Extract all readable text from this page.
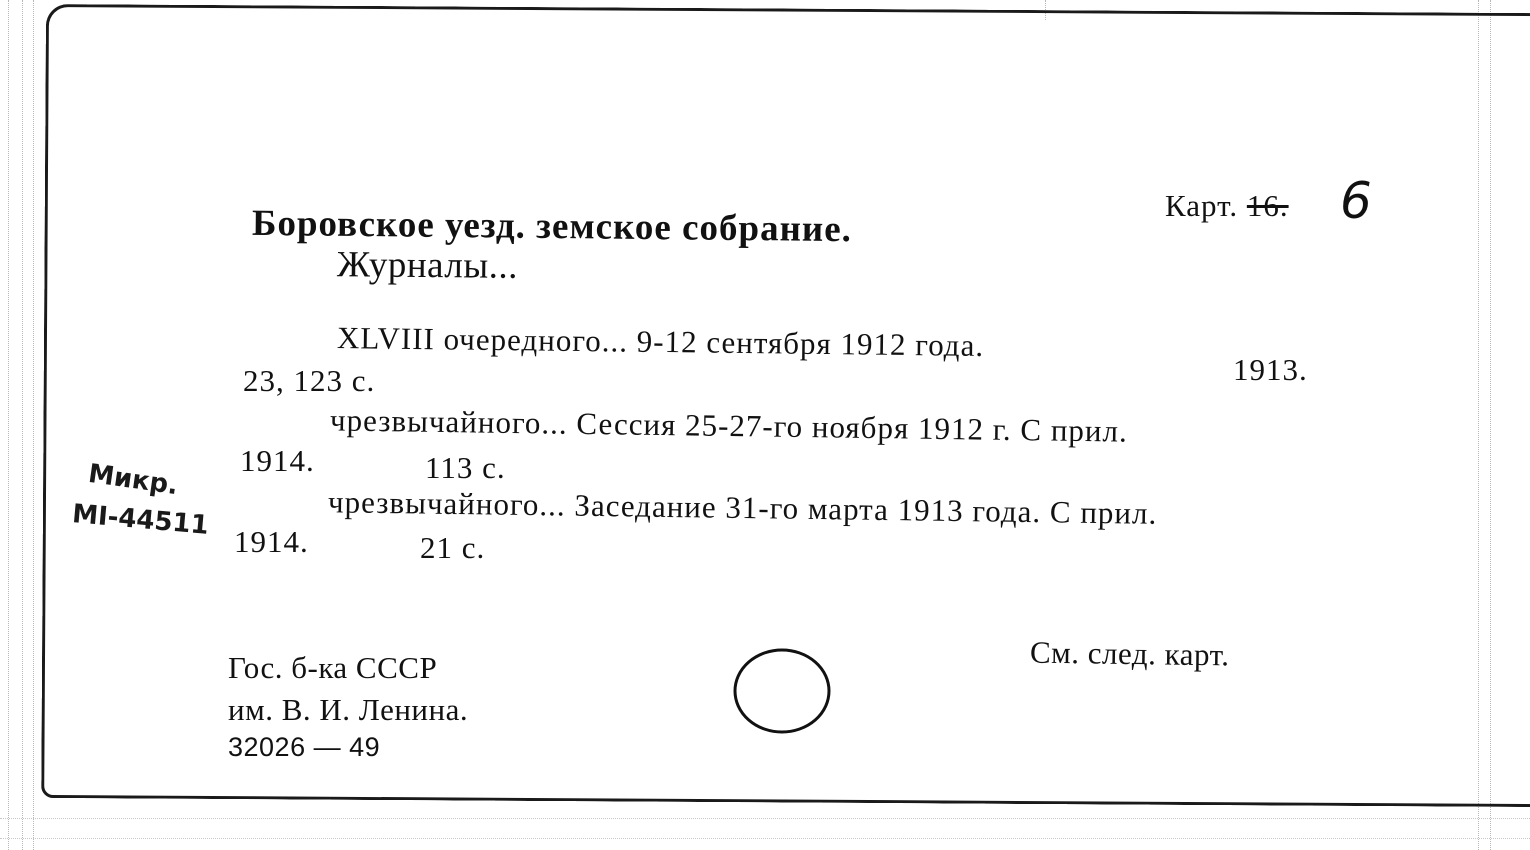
Боровское уезд. земское собрание.
Журналы...
Карт. 16. 6
XLVIII очередного... 9-12 сентября 1912 года.
1913.
23, 123 с.
чрезвычайного... Сессия 25-27-го ноября 1912 г. С прил.
1914.	113 с.
чрезвычайного... Заседание 31-го марта 1913 года. С прил.
1914.	21 с.
Микр.
MI-44511
Гос. б-ка СССР
им. В. И. Ленина.
32026 — 49
См. след. карт.
